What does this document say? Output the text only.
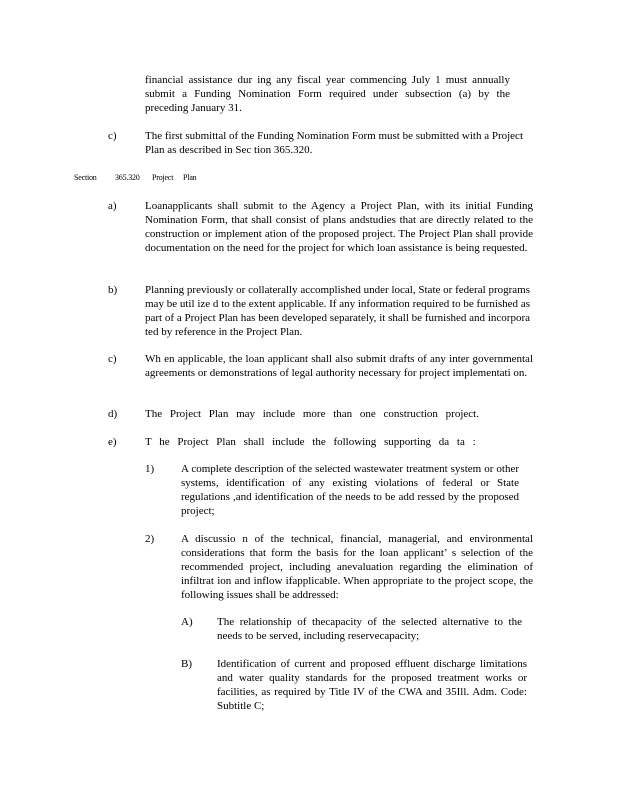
financial assistance dur ing any fiscal year commencing July 1 must annually submit a Funding Nomination Form required under subsection (a) by the preceding January 31.

c)	The first submittal of the Funding Nomination Form must be submitted with a Project Plan as described in Sec tion 365.320.

Section 365.320 Project Plan

a)	Loanapplicants shall submit to the Agency a Project Plan, with its initial Funding Nomination Form, that shall consist of plans andstudies that are directly related to the construction or implement ation of the proposed project. The Project Plan shall provide documentation on the need for the project for which loan assistance is being requested.

b)	Planning previously or collaterally accomplished under local, State or federal programs may be util ize d to the extent applicable. If any information required to be furnished as part of a Project Plan has been developed separately, it shall be furnished and incorpora ted by reference in the Project Plan.

c)	Wh en applicable, the loan applicant shall also submit drafts of any inter governmental agreements or demonstrations of legal authority necessary for project implementati on.

d)	The Project Plan may include more than one construction project.

e)	T he Project Plan shall include the following supporting da ta :

1) A complete description of the selected wastewater treatment system or other systems, identification of any existing violations of federal or State regulations ,and identification of the needs to be add ressed by the proposed project;

2) A discussio n of the technical, financial, managerial, and environmental considerations that form the basis for the loan applicant’ s selection of the recommended project, including anevaluation regarding the elimination of infiltrat ion and inflow ifapplicable. When appropriate to the project scope, the following issues shall be addressed:

A) The relationship of thecapacity of the selected alternative to the needs to be served, including reservecapacity;

B) Identification of current and proposed effluent discharge limitations and water quality standards for the proposed treatment works or facilities, as required by Title IV of the CWA and 35Ill. Adm. Code: Subtitle C;
